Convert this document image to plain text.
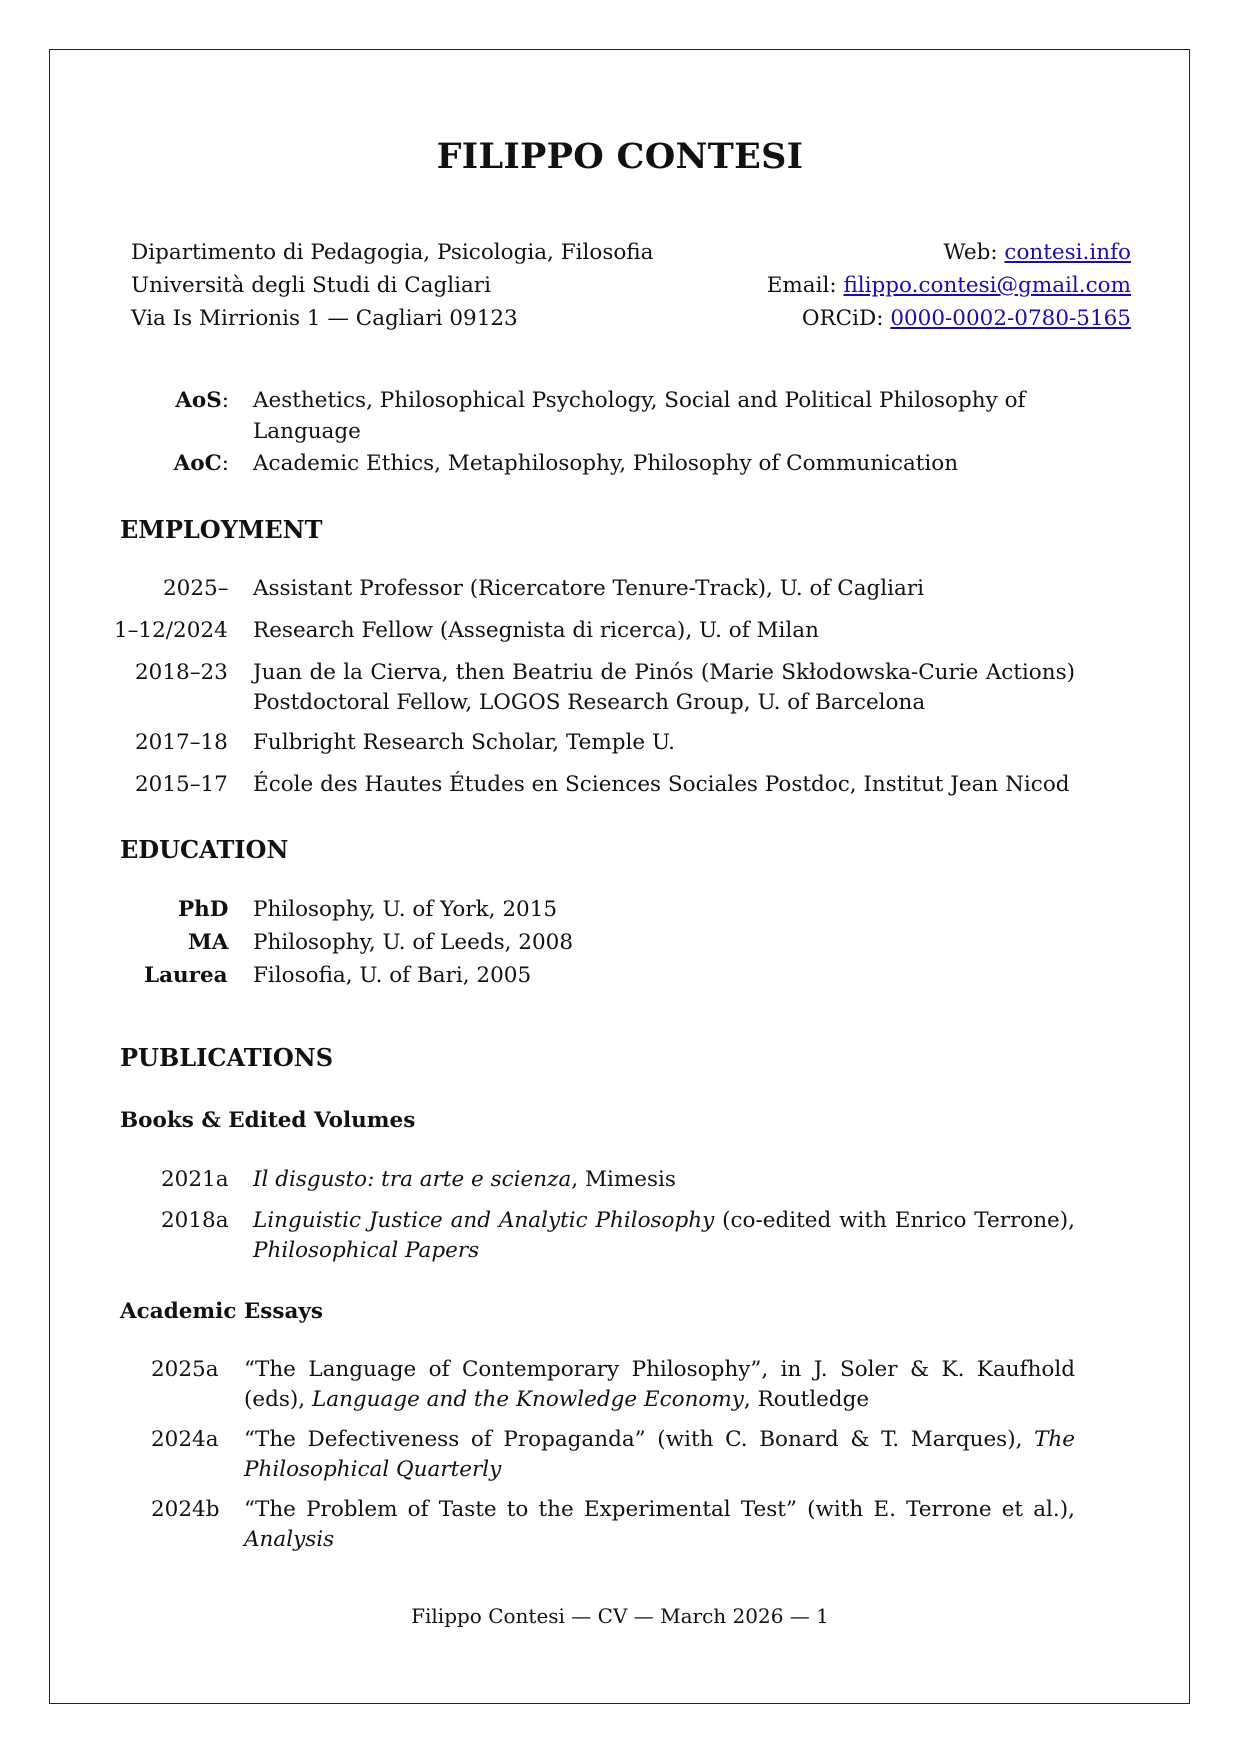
FILIPPO CONTESI
Dipartimento di Pedagogia, Psicologia, Filosofia
Università degli Studi di Cagliari
Via Is Mirrionis 1 — Cagliari 09123
Web: contesi.info
Email: filippo.contesi@gmail.com
ORCiD: 0000-0002-0780-5165
AoS: Aesthetics, Philosophical Psychology, Social and Political Philosophy of Language
AoC: Academic Ethics, Metaphilosophy, Philosophy of Communication
EMPLOYMENT
2025– Assistant Professor (Ricercatore Tenure-Track), U. of Cagliari
1–12/2024 Research Fellow (Assegnista di ricerca), U. of Milan
2018–23 Juan de la Cierva, then Beatriu de Pinós (Marie Skłodowska-Curie Actions) Postdoctoral Fellow, LOGOS Research Group, U. of Barcelona
2017–18 Fulbright Research Scholar, Temple U.
2015–17 École des Hautes Études en Sciences Sociales Postdoc, Institut Jean Nicod
EDUCATION
PhD Philosophy, U. of York, 2015
MA Philosophy, U. of Leeds, 2008
Laurea Filosofia, U. of Bari, 2005
PUBLICATIONS
Books & Edited Volumes
2021a Il disgusto: tra arte e scienza, Mimesis
2018a Linguistic Justice and Analytic Philosophy (co-edited with Enrico Terrone), Philosophical Papers
Academic Essays
2025a “The Language of Contemporary Philosophy”, in J. Soler & K. Kaufhold (eds), Language and the Knowledge Economy, Routledge
2024a “The Defectiveness of Propaganda” (with C. Bonard & T. Marques), The Philosophical Quarterly
2024b “The Problem of Taste to the Experimental Test” (with E. Terrone et al.), Analysis
Filippo Contesi — CV — March 2026 — 1
